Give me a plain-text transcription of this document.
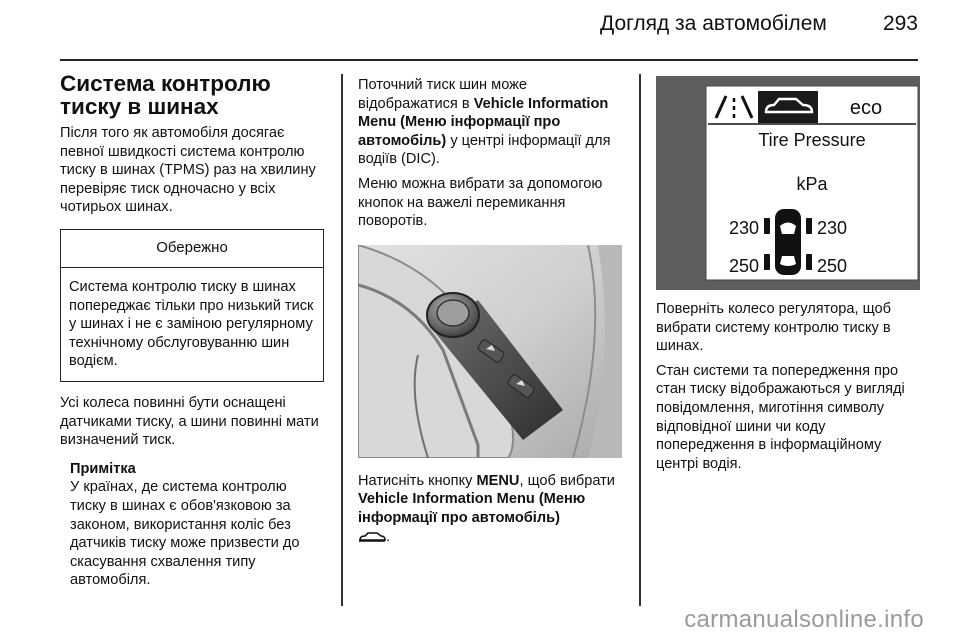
Догляд за автомобілем	293
Система контролю тиску в шинах

Після того як автомобіля досягає певної швидкості система контролю тиску в шинах (TPMS) раз на хвилину перевіряє тиск одночасно у всіх чотирьох шинах.

Обережно
Система контролю тиску в шинах попереджає тільки про низький тиск у шинах і не є заміною регулярному технічному обслуговуванню шин водієм.

Усі колеса повинні бути оснащені датчиками тиску, а шини повинні мати визначений тиск.

Примітка

У країнах, де система контролю тиску в шинах є обов'язковою за законом, використання коліс без датчиків тиску може призвести до скасування схвалення типу автомобіля.

Поточний тиск шин може відображатися в Vehicle Information Menu (Меню інформації про автомобіль) у центрі інформації для водіїв (DIC).

Меню можна вибрати за допомогою кнопок на важелі перемикання поворотів.

Натисніть кнопку MENU, щоб вибрати Vehicle Information Menu (Меню інформації про автомобіль)
.

eco
Tire Pressure
kPa
230	230
250	250

Поверніть колесо регулятора, щоб вибрати систему контролю тиску в шинах.

Стан системи та попередження про стан тиску відображаються у вигляді повідомлення, миготіння символу відповідної шини чи коду попередження в інформаційному центрі водія.

carmanualsonline.info
